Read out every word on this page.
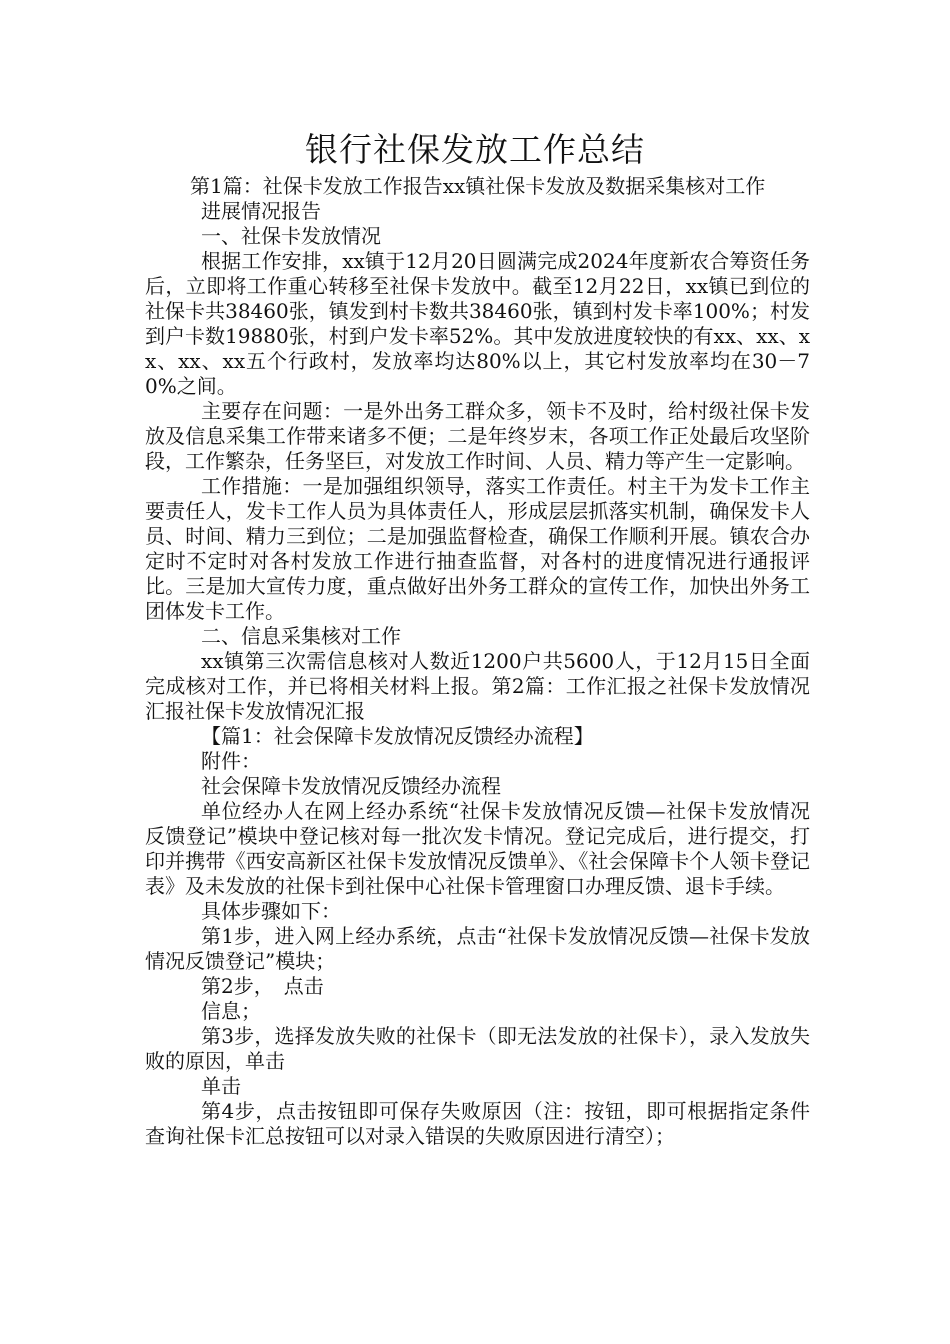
银行社保发放工作总结

第1篇：社保卡发放工作报告xx镇社保卡发放及数据采集核对工作

进展情况报告

一、社保卡发放情况

根据工作安排，xx镇于12月20日圆满完成2024年度新农合筹资任务后，立即将工作重心转移至社保卡发放中。截至12月22日，xx镇已到位的社保卡共38460张，镇发到村卡数共38460张，镇到村发卡率100%；村发到户卡数19880张，村到户发卡率52%。其中发放进度较快的有xx、xx、xx、xx、xx五个行政村，发放率均达80%以上，其它村发放率均在30－70%之间。

主要存在问题：一是外出务工群众多，领卡不及时，给村级社保卡发放及信息采集工作带来诸多不便；二是年终岁末，各项工作正处最后攻坚阶段，工作繁杂，任务坚巨，对发放工作时间、人员、精力等产生一定影响。

工作措施：一是加强组织领导，落实工作责任。村主干为发卡工作主要责任人，发卡工作人员为具体责任人，形成层层抓落实机制，确保发卡人员、时间、精力三到位；二是加强监督检查，确保工作顺利开展。镇农合办定时不定时对各村发放工作进行抽查监督，对各村的进度情况进行通报评比。三是加大宣传力度，重点做好出外务工群众的宣传工作，加快出外务工团体发卡工作。

二、信息采集核对工作

xx镇第三次需信息核对人数近1200户共5600人，于12月15日全面完成核对工作，并已将相关材料上报。第2篇：工作汇报之社保卡发放情况汇报社保卡发放情况汇报

【篇1：社会保障卡发放情况反馈经办流程】

附件：

社会保障卡发放情况反馈经办流程

单位经办人在网上经办系统“社保卡发放情况反馈—社保卡发放情况反馈登记”模块中登记核对每一批次发卡情况。登记完成后，进行提交，打印并携带《西安高新区社保卡发放情况反馈单》、《社会保障卡个人领卡登记表》及未发放的社保卡到社保中心社保卡管理窗口办理反馈、退卡手续。

具体步骤如下：

第1步，进入网上经办系统，点击“社保卡发放情况反馈—社保卡发放情况反馈登记”模块；

第2步，　点击

信息；

第3步，选择发放失败的社保卡（即无法发放的社保卡），录入发放失败的原因，单击

单击

第4步，点击按钮即可保存失败原因（注：按钮，即可根据指定条件查询社保卡汇总按钮可以对录入错误的失败原因进行清空）；
